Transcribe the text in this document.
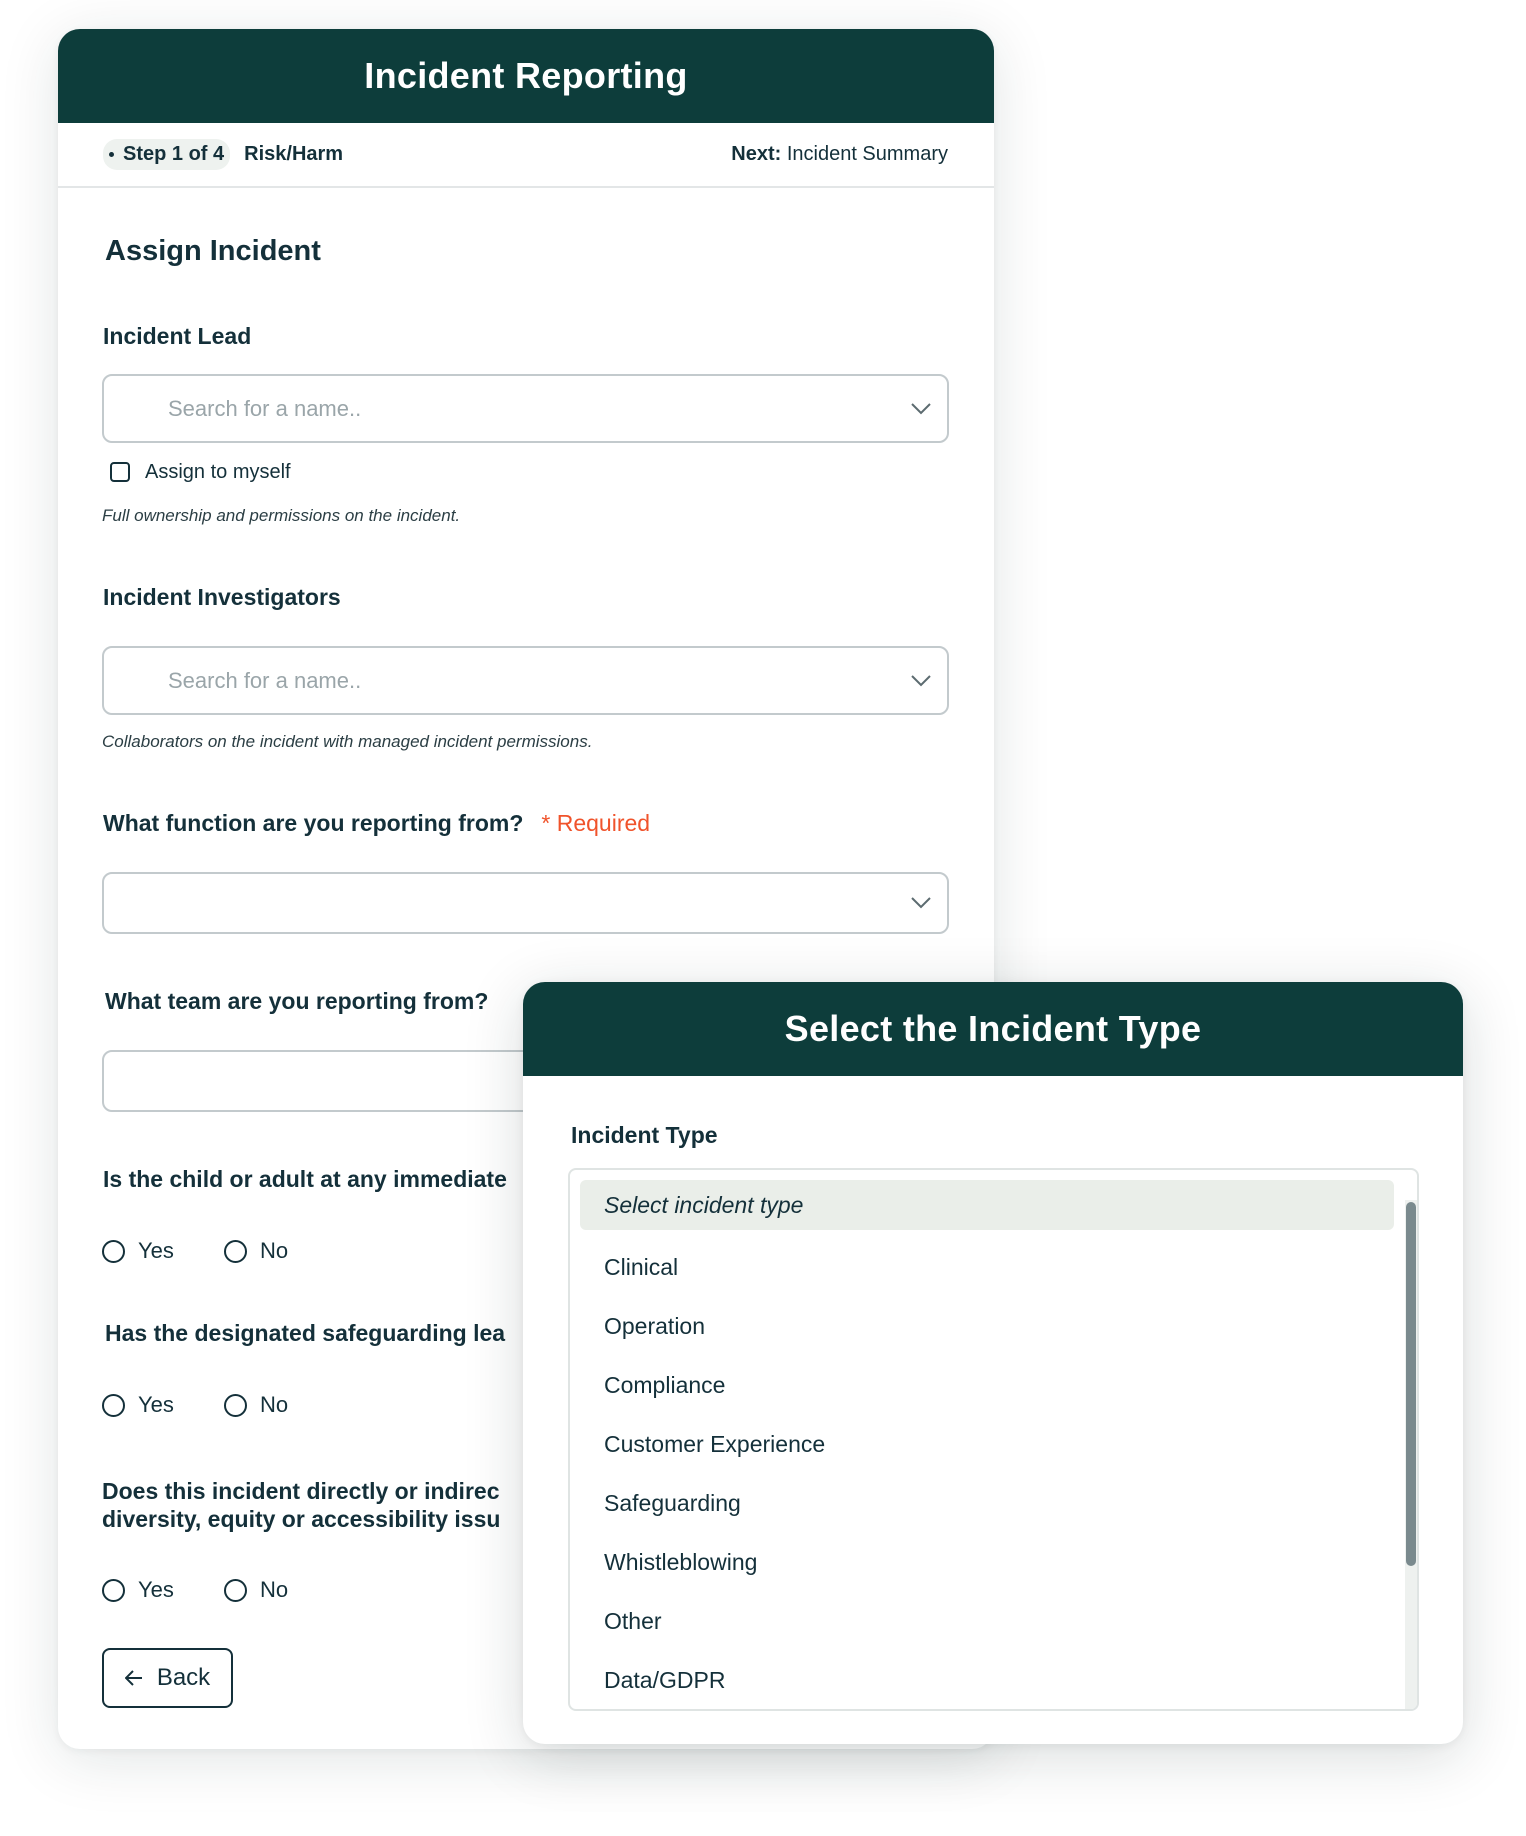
Incident Reporting
Step 1 of 4 Risk/Harm	Next: Incident Summary
Assign Incident
Incident Lead
Search for a name..
Assign to myself
Full ownership and permissions on the incident.
Incident Investigators
Search for a name..
Collaborators on the incident with managed incident permissions.
What function are you reporting from? * Required
What team are you reporting from?
Is the child or adult at any immediate
Yes	No
Has the designated safeguarding lea
Yes	No
Does this incident directly or indirec
diversity, equity or accessibility issu
Yes	No
Back
Select the Incident Type
Incident Type
Select incident type
Clinical
Operation
Compliance
Customer Experience
Safeguarding
Whistleblowing
Other
Data/GDPR
